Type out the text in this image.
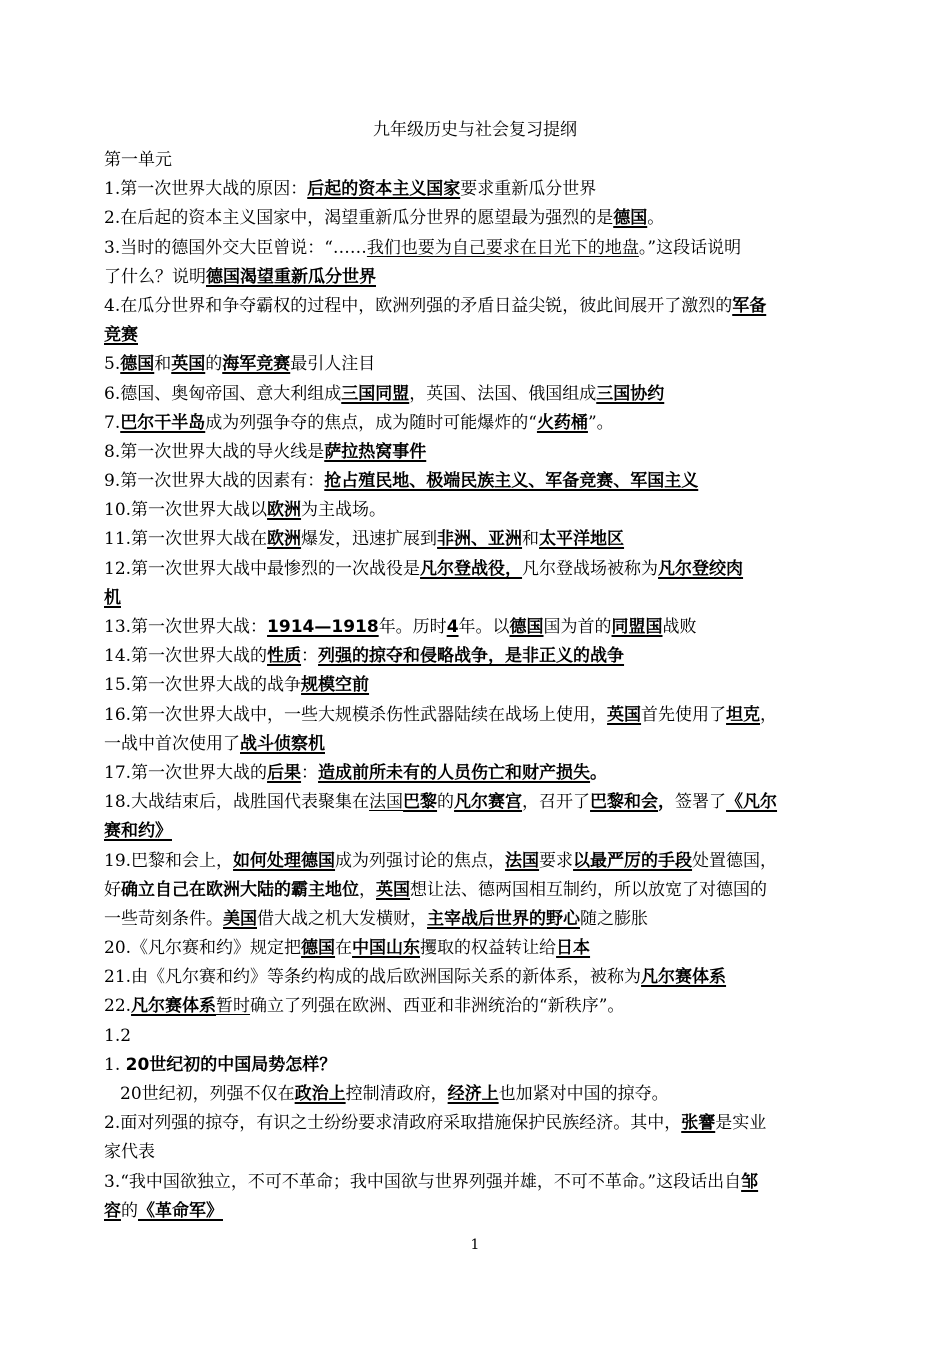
九年级历史与社会复习提纲
第一单元
1.第一次世界大战的原因：后起的资本主义国家要求重新瓜分世界
2.在后起的资本主义国家中，渴望重新瓜分世界的愿望最为强烈的是德国。
3.当时的德国外交大臣曾说：“……我们也要为自己要求在日光下的地盘。”这段话说明
了什么？说明德国渴望重新瓜分世界
4.在瓜分世界和争夺霸权的过程中，欧洲列强的矛盾日益尖锐，彼此间展开了激烈的军备
竞赛
5.德国和英国的海军竞赛最引人注目
6.德国、奥匈帝国、意大利组成三国同盟，英国、法国、俄国组成三国协约
7.巴尔干半岛成为列强争夺的焦点，成为随时可能爆炸的“火药桶”。
8.第一次世界大战的导火线是萨拉热窝事件
9.第一次世界大战的因素有：抢占殖民地、极端民族主义、军备竞赛、军国主义
10.第一次世界大战以欧洲为主战场。
11.第一次世界大战在欧洲爆发，迅速扩展到非洲、亚洲和太平洋地区
12.第一次世界大战中最惨烈的一次战役是凡尔登战役，凡尔登战场被称为凡尔登绞肉
机
13.第一次世界大战：1914—1918年。历时4年。以德国国为首的同盟国战败
14.第一次世界大战的性质：列强的掠夺和侵略战争，是非正义的战争
15.第一次世界大战的战争规模空前
16.第一次世界大战中，一些大规模杀伤性武器陆续在战场上使用，英国首先使用了坦克，
一战中首次使用了战斗侦察机
17.第一次世界大战的后果：造成前所未有的人员伤亡和财产损失。
18.大战结束后，战胜国代表聚集在法国巴黎的凡尔赛宫，召开了巴黎和会，签署了《凡尔
赛和约》
19.巴黎和会上，如何处理德国成为列强讨论的焦点，法国要求以最严厉的手段处置德国，
好确立自己在欧洲大陆的霸主地位，英国想让法、德两国相互制约，所以放宽了对德国的
一些苛刻条件。美国借大战之机大发横财，主宰战后世界的野心随之膨胀
20.《凡尔赛和约》规定把德国在中国山东攫取的权益转让给日本
21.由《凡尔赛和约》等条约构成的战后欧洲国际关系的新体系，被称为凡尔赛体系
22.凡尔赛体系暂时确立了列强在欧洲、西亚和非洲统治的“新秩序”。
1.2
1. 20世纪初的中国局势怎样？
20世纪初，列强不仅在政治上控制清政府，经济上也加紧对中国的掠夺。
2.面对列强的掠夺，有识之士纷纷要求清政府采取措施保护民族经济。其中，张謇是实业
家代表
3.“我中国欲独立，不可不革命；我中国欲与世界列强并雄，不可不革命。”这段话出自邹
容的《革命军》
1
